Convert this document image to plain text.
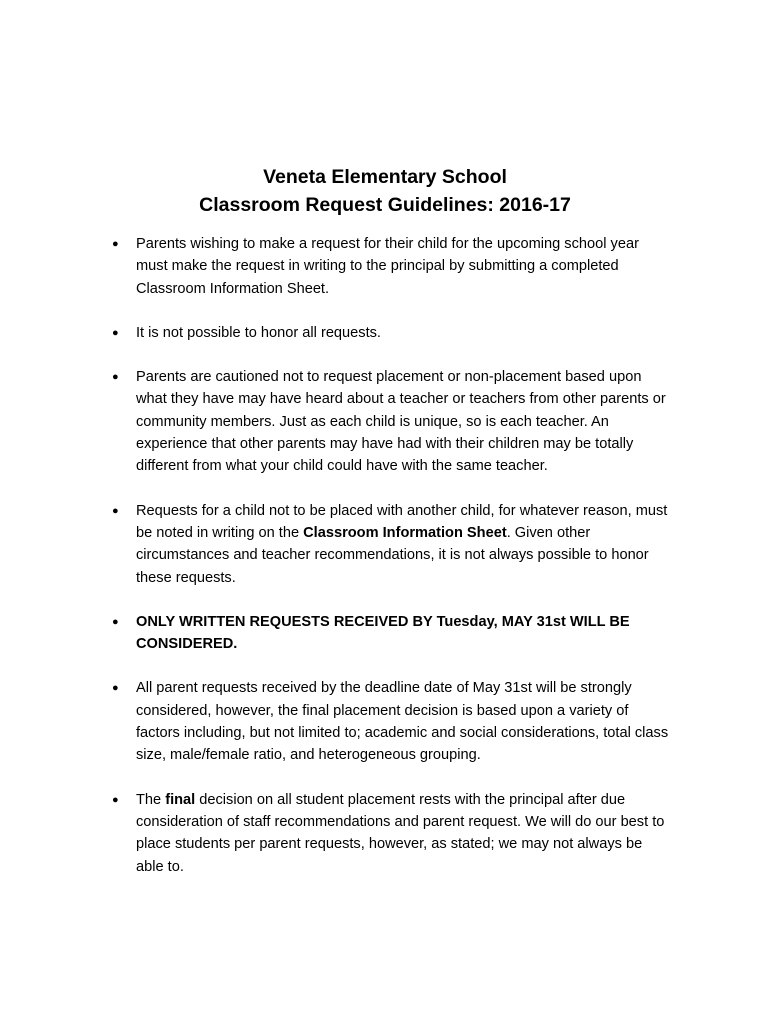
Veneta Elementary School
Classroom Request Guidelines: 2016-17
● Parents wishing to make a request for their child for the upcoming school year must make the request in writing to the principal by submitting a completed Classroom Information Sheet.
● It is not possible to honor all requests.
● Parents are cautioned not to request placement or non-placement based upon what they have may have heard about a teacher or teachers from other parents or community members. Just as each child is unique, so is each teacher. An experience that other parents may have had with their children may be totally different from what your child could have with the same teacher.
● Requests for a child not to be placed with another child, for whatever reason, must be noted in writing on the Classroom Information Sheet. Given other circumstances and teacher recommendations, it is not always possible to honor these requests.
● ONLY WRITTEN REQUESTS RECEIVED BY Tuesday, MAY 31st WILL BE CONSIDERED.
● All parent requests received by the deadline date of May 31st will be strongly considered, however, the final placement decision is based upon a variety of factors including, but not limited to; academic and social considerations, total class size, male/female ratio, and heterogeneous grouping.
● The final decision on all student placement rests with the principal after due consideration of staff recommendations and parent request. We will do our best to place students per parent requests, however, as stated; we may not always be able to.
